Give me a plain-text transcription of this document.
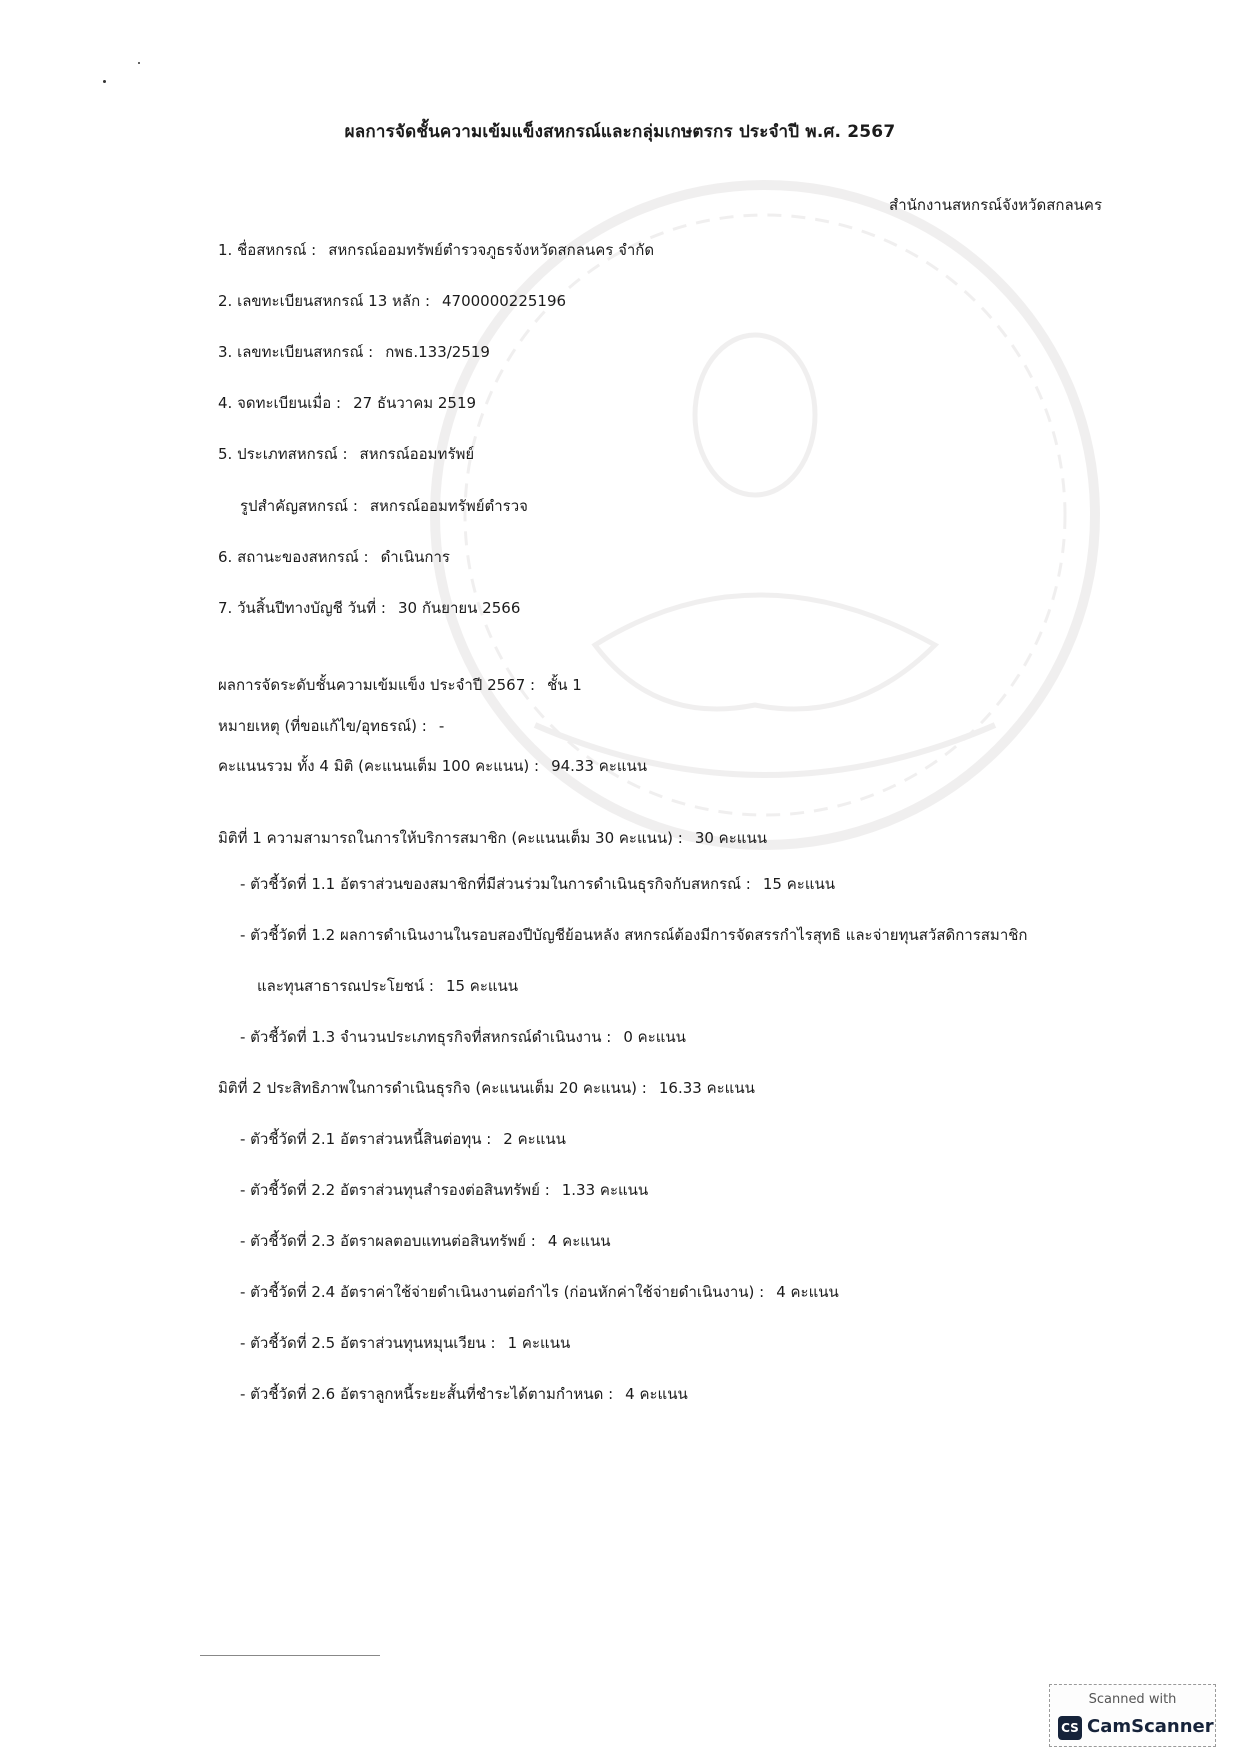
ผลการจัดชั้นความเข้มแข็งสหกรณ์และกลุ่มเกษตรกร ประจำปี พ.ศ. 2567
สำนักงานสหกรณ์จังหวัดสกลนคร
1. ชื่อสหกรณ์ : สหกรณ์ออมทรัพย์ตำรวจภูธรจังหวัดสกลนคร จำกัด
2. เลขทะเบียนสหกรณ์ 13 หลัก : 4700000225196
3. เลขทะเบียนสหกรณ์ : กพธ.133/2519
4. จดทะเบียนเมื่อ : 27 ธันวาคม 2519
5. ประเภทสหกรณ์ : สหกรณ์ออมทรัพย์
รูปสำคัญสหกรณ์ : สหกรณ์ออมทรัพย์ตำรวจ
6. สถานะของสหกรณ์ : ดำเนินการ
7. วันสิ้นปีทางบัญชี วันที่ : 30 กันยายน 2566
ผลการจัดระดับชั้นความเข้มแข็ง ประจำปี 2567 : ชั้น 1
หมายเหตุ (ที่ขอแก้ไข/อุทธรณ์) : -
คะแนนรวม ทั้ง 4 มิติ (คะแนนเต็ม 100 คะแนน) : 94.33 คะแนน
มิติที่ 1 ความสามารถในการให้บริการสมาชิก (คะแนนเต็ม 30 คะแนน) : 30 คะแนน
- ตัวชี้วัดที่ 1.1 อัตราส่วนของสมาชิกที่มีส่วนร่วมในการดำเนินธุรกิจกับสหกรณ์ : 15 คะแนน
- ตัวชี้วัดที่ 1.2 ผลการดำเนินงานในรอบสองปีบัญชีย้อนหลัง สหกรณ์ต้องมีการจัดสรรกำไรสุทธิ และจ่ายทุนสวัสดิการสมาชิก
และทุนสาธารณประโยชน์ : 15 คะแนน
- ตัวชี้วัดที่ 1.3 จำนวนประเภทธุรกิจที่สหกรณ์ดำเนินงาน : 0 คะแนน
มิติที่ 2 ประสิทธิภาพในการดำเนินธุรกิจ (คะแนนเต็ม 20 คะแนน) : 16.33 คะแนน
- ตัวชี้วัดที่ 2.1 อัตราส่วนหนี้สินต่อทุน : 2 คะแนน
- ตัวชี้วัดที่ 2.2 อัตราส่วนทุนสำรองต่อสินทรัพย์ : 1.33 คะแนน
- ตัวชี้วัดที่ 2.3 อัตราผลตอบแทนต่อสินทรัพย์ : 4 คะแนน
- ตัวชี้วัดที่ 2.4 อัตราค่าใช้จ่ายดำเนินงานต่อกำไร (ก่อนหักค่าใช้จ่ายดำเนินงาน) : 4 คะแนน
- ตัวชี้วัดที่ 2.5 อัตราส่วนทุนหมุนเวียน : 1 คะแนน
- ตัวชี้วัดที่ 2.6 อัตราลูกหนี้ระยะสั้นที่ชำระได้ตามกำหนด : 4 คะแนน
Scanned with
CS CamScanner
